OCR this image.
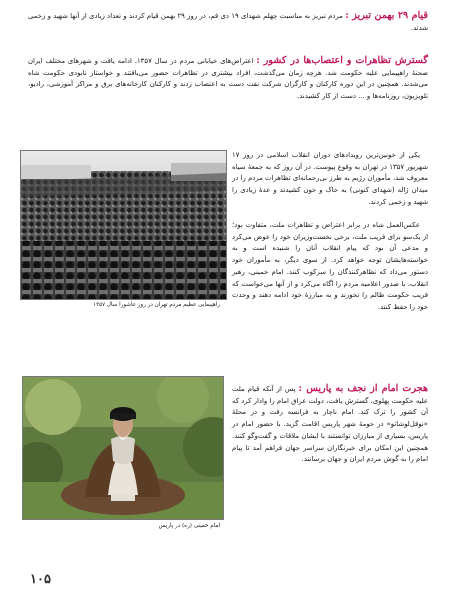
قیام ۲۹ بهمن تبریز : مردم تبریز به مناسبت چهلم شهدای ۱۹ دی قم، در روز ۲۹ بهمن قیام کردند و تعداد زیادی از آنها شهید و زخمی شدند.

گسترش تظاهرات و اعتصاب‌ها در کشور : اعتراض‌های خیابانی مردم در سال ۱۳۵۷، ادامه یافت و شهرهای مختلف ایران صحنهٔ راهپیمایی علیه حکومت شد. هرچه زمان می‌گذشت، افراد بیشتری در تظاهرات حضور می‌یافتند و خواستار نابودی حکومت شاه می‌شدند. همچنین در این دوره کارکنان و کارگران شرکت نفت دست به اعتصاب زدند و کارکنان کارخانه‌های برق و مراکز آموزشی، رادیو، تلویزیون، روزنامه‌ها و ... دست از کار کشیدند.

یکی از خونین‌ترین رویدادهای دوران انقلاب اسلامی در روز ۱۷ شهریور ۱۳۵۷ در تهران به وقوع پیوست. در آن روز که به جمعهٔ سیاه معروف شد، مأموران رژیم به طرز بی‌رحمانه‌ای تظاهرات مردم را در میدان ژاله (شهدای کنونی) به خاک و خون کشیدند و عدهٔ زیادی را شهید و زخمی کردند.

عکس‌العمل شاه در برابر اعتراض و تظاهرات ملت، متفاوت بود؛ از یک‌سو برای فریب ملت، برخی نخست‌وزیران خود را عوض می‌کرد و مدعی آن بود که پیام انقلاب آنان را شنیده است و به خواسته‌هایشان توجه خواهد کرد. از سوی دیگر، به مأموران خود دستور می‌داد که تظاهرکنندگان را سرکوب کنند. امام خمینی، رهبر انقلاب، با صدور اعلامیه مردم را آگاه می‌کرد و از آنها می‌خواست که فریب حکومت ظالم را نخورند و به مبارزهٔ خود ادامه دهند و وحدت خود را حفظ کنند.

راهپیمایی عظیم مردم تهران در روز عاشورا سال ۱۳۵۷

هجرت امام از نجف به پاریس : پس از آنکه قیام ملت علیه حکومت پهلوی، گسترش یافت، دولت عراق امام را وادار کرد که آن کشور را ترک کند. امام ناچار به فرانسه رفت و در محلهٔ «نوفل‌لوشاتو» در حومهٔ شهر پاریس اقامت گزید. با حضور امام در پاریس، بسیاری از مبارزان توانستند با ایشان ملاقات و گفت‌وگو کنند. همچنین این امکان برای خبرنگاران سراسر جهان فراهم آمد تا پیام امام را به گوش مردم ایران و جهان برسانند.

امام خمینی (ره) در پاریس
۱۰۵
